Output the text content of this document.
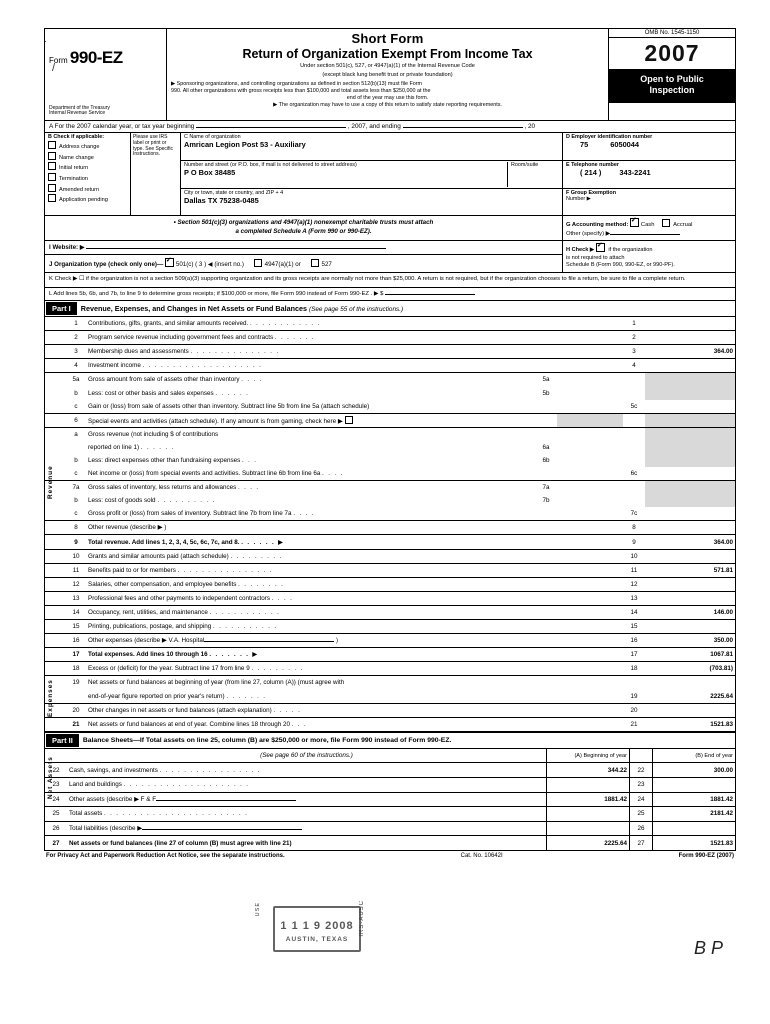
·
/
Form 990-EZ
Department of the Treasury
Internal Revenue Service
Short Form
Return of Organization Exempt From Income Tax
Under section 501(c), 527, or 4947(a)(1) of the Internal Revenue Code
(except black lung benefit trust or private foundation)
▶ Sponsoring organizations, and controlling organizations as defined in section 512(b)(13) must file Form
990. All other organizations with gross receipts less than $100,000 and total assets less than $250,000 at the
end of the year may use this form.
▶ The organization may have to use a copy of this return to satisfy state reporting requirements.
OMB No. 1545-1150
2007
Open to Public
Inspection
A For the 2007 calendar year, or tax year beginning	, 2007, and ending	, 20
B Check if applicable:
Address change
Name change
Initial return
Termination
Amended return
Application pending
Please use IRS label or print or type. See Specific Instructions.
C Name of organization
Amrican Legion Post 53 - Auxiliary
Number and street (or P.O. box, if mail is not delivered to street address)
P O Box 38485
Room/suite
City or town, state or country, and ZIP + 4
Dallas TX 75238-0485
D Employer identification number
75	6050044
E Telephone number
( 214 ) 343-2241
F Group Exemption
Number ▶
• Section 501(c)(3) organizations and 4947(a)(1) nonexempt charitable trusts must attach
a completed Schedule A (Form 990 or 990-EZ).
G Accounting method: ✓ Cash	Accrual
Other (specify) ▶
I Website: ▶
J Organization type (check only one)— ✓ 501(c) ( 3 ) ◀ (insert no.)	4947(a)(1) or	527
H Check ▶ ✓	if the organization
is not required to attach
Schedule B (Form 990, 990-EZ, or 990-PF).
K Check ▶ ☐ if the organization is not a section 509(a)(3) supporting organization and its gross receipts are normally not more than $25,000. A return is not required, but if the organization chooses to file a return, be sure to file a complete return.
L Add lines 5b, 6b, and 7b, to line 9 to determine gross receipts; if $100,000 or more, file Form 990 instead of Form 990-EZ . ▶ $
Part I	Revenue, Expenses, and Changes in Net Assets or Fund Balances (See page 55 of the instructions.)
Revenue
Expenses
Net Assets
	1	Contributions, gifts, grants, and similar amounts received. . . . . . . . . . . . .			1	
	2	Program service revenue including government fees and contracts . . . . . . .			2	
	3	Membership dues and assessments . . . . . . . . . . . . . . .			3	364.00
	4	Investment income . . . . . . . . . . . . . . . . . . . .			4	
	5a	Gross amount from sale of assets other than inventory . . . .	5a			
	b	Less: cost or other basis and sales expenses . . . . . .	5b			
	c	Gain or (loss) from sale of assets other than inventory. Subtract line 5b from line 5a (attach schedule)			5c	
	6	Special events and activities (attach schedule). If any amount is from gaming, check here ▶				
	a	Gross revenue (not including $ of contributions				
		reported on line 1) . . . . . .	6a			
	b	Less: direct expenses other than fundraising expenses . . .	6b			
	c	Net income or (loss) from special events and activities. Subtract line 6b from line 6a . . . .			6c	
	7a	Gross sales of inventory, less returns and allowances . . . .	7a			
	b	Less: cost of goods sold . . . . . . . . . .	7b			
	c	Gross profit or (loss) from sales of inventory. Subtract line 7b from line 7a . . . .			7c	
	8	Other revenue (describe ▶ )			8	
	9	Total revenue. Add lines 1, 2, 3, 4, 5c, 6c, 7c, and 8. . . . . . . ▶			9	364.00
	10	Grants and similar amounts paid (attach schedule) . . . . . . . . .			10	
	11	Benefits paid to or for members . . . . . . . . . . . . . . . .			11	571.81
	12	Salaries, other compensation, and employee benefits . . . . . . . .			12	
	13	Professional fees and other payments to independent contractors . . . .			13	
	14	Occupancy, rent, utilities, and maintenance . . . . . . . . . . . .			14	146.00
	15	Printing, publications, postage, and shipping . . . . . . . . . . .			15	
	16	Other expenses (describe ▶ V.A. Hospital )			16	350.00
	17	Total expenses. Add lines 10 through 16 . . . . . . . ▶			17	1067.81
	18	Excess or (deficit) for the year. Subtract line 17 from line 9 . . . . . . . . .			18	(703.81)
	19	Net assets or fund balances at beginning of year (from line 27, column (A)) (must agree with				
		end-of-year figure reported on prior year's return) . . . . . . .			19	2225.64
	20	Other changes in net assets or fund balances (attach explanation) . . . . .			20	
	21	Net assets or fund balances at end of year. Combine lines 18 through 20 . . .			21	1521.83
Part II	Balance Sheets—If Total assets on line 25, column (B) are $250,000 or more, file Form 990 instead of Form 990-EZ.
	(See page 60 of the instructions.)	(A) Beginning of year		(B) End of year
22	Cash, savings, and investments . . . . . . . . . . . . . . . . .	344.22	22	300.00
23	Land and buildings . . . . . . . . . . . . . . . . . . . . .		23	
24	Other assets (describe ▶ F & F	1881.42	24	1881.42
25	Total assets . . . . . . . . . . . . . . . . . . . . . . . .		25	2181.42
26	Total liabilities (describe ▶		26	
27	Net assets or fund balances (line 27 of column (B) must agree with line 21)	2225.64	27	1521.83
For Privacy Act and Paperwork Reduction Act Notice, see the separate instructions.	Cat. No. 10642I	Form 990-EZ (2007)
USE
1 1 1 9 2008
AUSTIN, TEXAS
IRS-AUSC
B P
